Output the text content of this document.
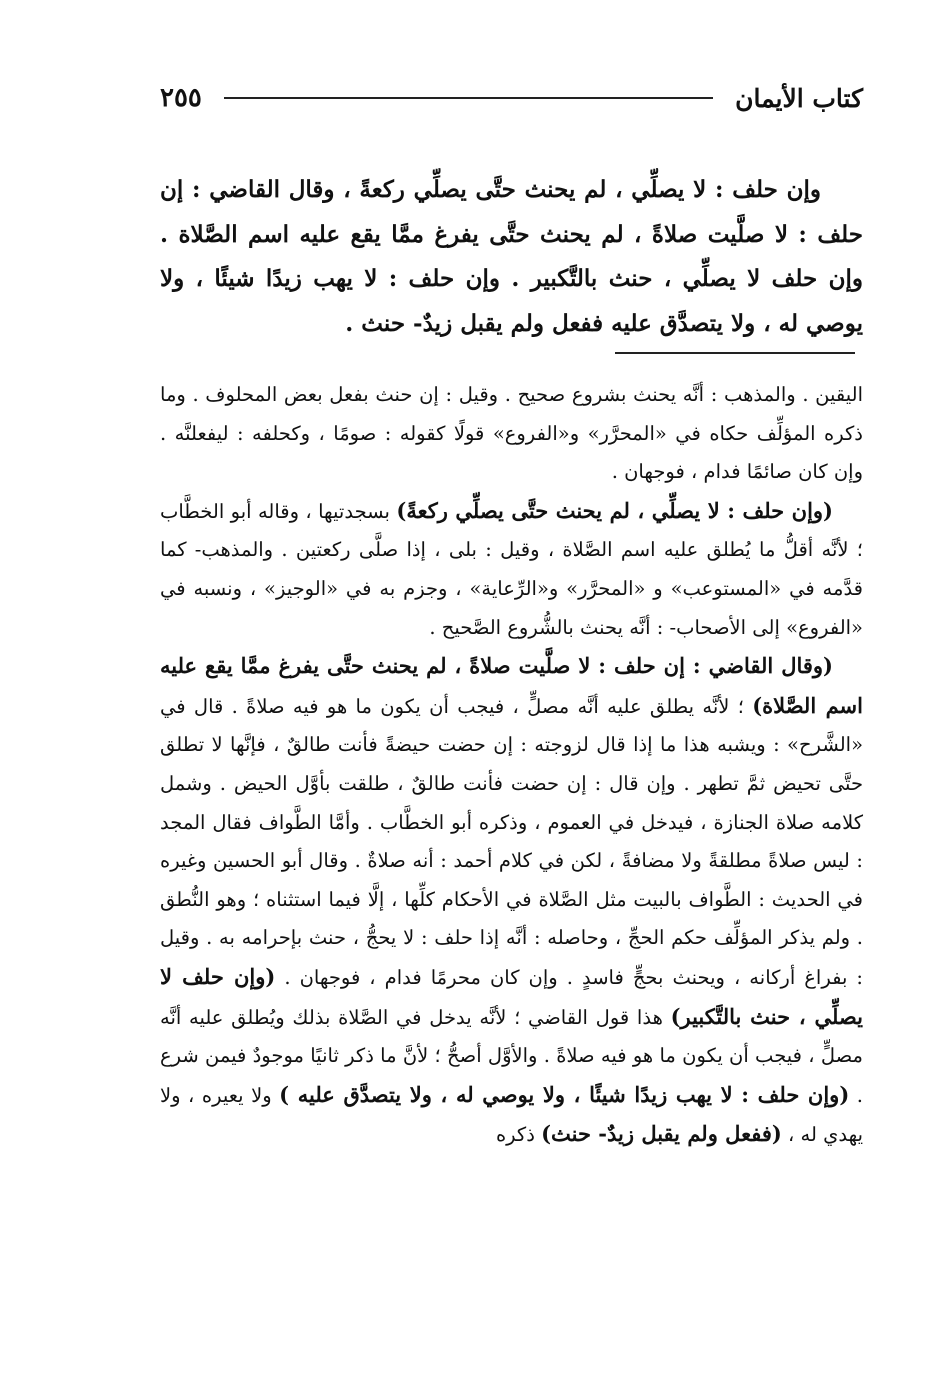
كتاب الأيمان
٢٥٥

وإن حلف : لا يصلِّي ، لم يحنث حتَّى يصلِّي ركعةً ، وقال القاضي : إن حلف : لا صلَّيت صلاةً ، لم يحنث حتَّى يفرغ ممَّا يقع عليه اسم الصَّلاة . وإن حلف لا يصلِّي ، حنث بالتَّكبير . وإن حلف : لا يهب زيدًا شيئًا ، ولا يوصي له ، ولا يتصدَّق عليه ففعل ولم يقبل زيدٌ- حنث .

اليقين . والمذهب : أنَّه يحنث بشروع صحيح . وقيل : إن حنث بفعل بعض المحلوف . وما ذكره المؤلِّف حكاه في «المحرَّر» و«الفروع» قولًا كقوله : صومًا ، وكحلفه : ليفعلنَّه . وإن كان صائمًا فدام ، فوجهان .

(وإن حلف : لا يصلِّي ، لم يحنث حتَّى يصلِّي ركعةً) بسجدتيها ، وقاله أبو الخطَّاب ؛ لأنَّه أقلُّ ما يُطلق عليه اسم الصَّلاة ، وقيل : بلى ، إذا صلَّى ركعتين . والمذهب- كما قدَّمه في «المستوعب» و «المحرَّر» و«الرِّعاية» ، وجزم به في «الوجيز» ، ونسبه في «الفروع» إلى الأصحاب- : أنَّه يحنث بالشُّروع الصَّحيح .

(وقال القاضي : إن حلف : لا صلَّيت صلاةً ، لم يحنث حتَّى يفرغ ممَّا يقع عليه اسم الصَّلاة) ؛ لأنَّه يطلق عليه أنَّه مصلٍّ ، فيجب أن يكون ما هو فيه صلاةً . قال في «الشَّرح» : ويشبه هذا ما إذا قال لزوجته : إن حضت حيضةً فأنت طالقٌ ، فإنَّها لا تطلق حتَّى تحيض ثمَّ تطهر . وإن قال : إن حضت فأنت طالقٌ ، طلقت بأوَّل الحيض . وشمل كلامه صلاة الجنازة ، فيدخل في العموم ، وذكره أبو الخطَّاب . وأمَّا الطَّواف فقال المجد : ليس صلاةً مطلقةً ولا مضافةً ، لكن في كلام أحمد : أنه صلاةٌ . وقال أبو الحسين وغيره في الحديث : الطَّواف بالبيت مثل الصَّلاة في الأحكام كلِّها ، إلَّا فيما استثناه ؛ وهو النُّطق . ولم يذكر المؤلِّف حكم الحجِّ ، وحاصله : أنَّه إذا حلف : لا يحجُّ ، حنث بإحرامه به . وقيل : بفراغ أركانه ، ويحنث بحجٍّ فاسدٍ . وإن كان محرمًا فدام ، فوجهان . (وإن حلف لا يصلِّي ، حنث بالتَّكبير) هذا قول القاضي ؛ لأنَّه يدخل في الصَّلاة بذلك ويُطلق عليه أنَّه مصلٍّ ، فيجب أن يكون ما هو فيه صلاةً . والأوَّل أصحُّ ؛ لأنَّ ما ذكر ثانيًا موجودٌ فيمن شرع . (وإن حلف : لا يهب زيدًا شيئًا ، ولا يوصي له ، ولا يتصدَّق عليه ) ولا يعيره ، ولا يهدي له ، (ففعل ولم يقبل زيدٌ- حنث) ذكره
